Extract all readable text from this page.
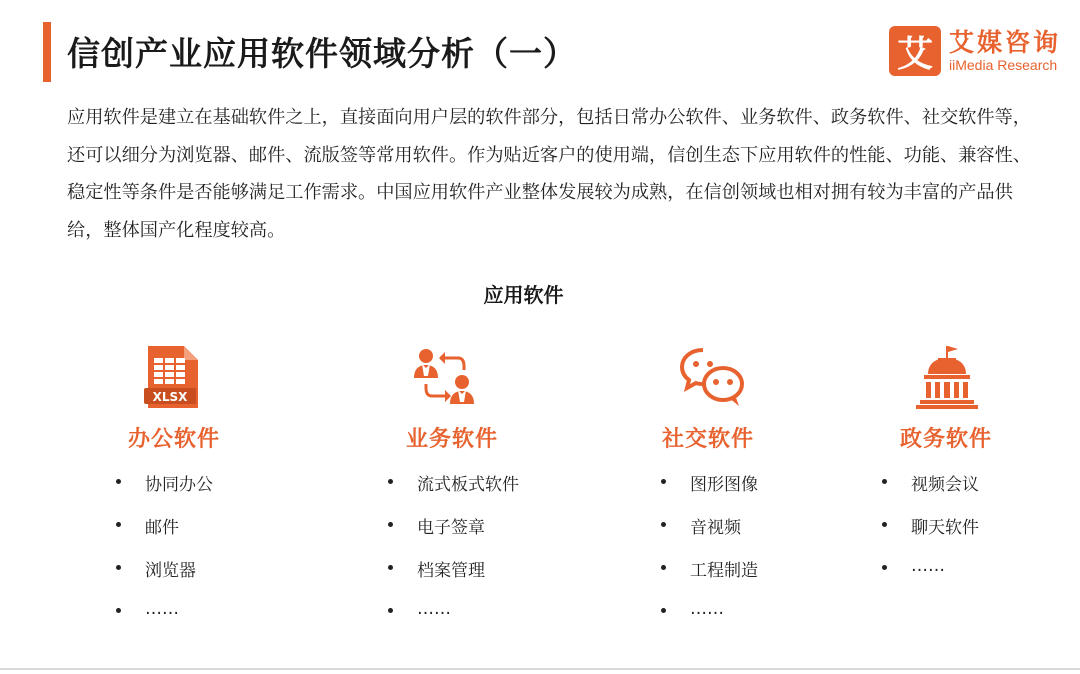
信创产业应用软件领域分析（一）	艾 艾媒咨询
iiMedia Research

应用软件是建立在基础软件之上，直接面向用户层的软件部分，包括日常办公软件、业务软件、政务软件、社交软件等，还可以细分为浏览器、邮件、流版签等常用软件。作为贴近客户的使用端，信创生态下应用软件的性能、功能、兼容性、稳定性等条件是否能够满足工作需求。中国应用软件产业整体发展较为成熟，在信创领域也相对拥有较为丰富的产品供给，整体国产化程度较高。

应用软件
XLSX
办公软件
协同办公
邮件
浏览器
……
业务软件
流式板式软件
电子签章
档案管理
……
社交软件
图形图像
音视频
工程制造
……
政务软件
视频会议
聊天软件
……
